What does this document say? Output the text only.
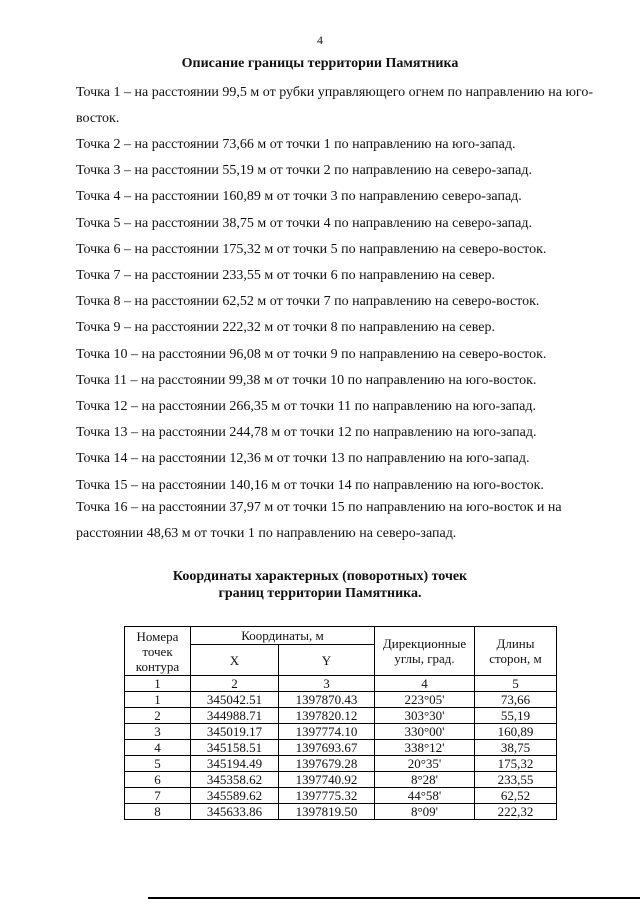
4
Описание границы территории Памятника
Точка 1 – на расстоянии 99,5 м от рубки управляющего огнем по направлению на юго-восток.
Точка 2 – на расстоянии 73,66 м от точки 1 по направлению на юго-запад.
Точка 3 – на расстоянии 55,19 м от точки 2 по направлению на северо-запад.
Точка 4 – на расстоянии 160,89 м от точки 3 по направлению северо-запад.
Точка 5 – на расстоянии 38,75 м от точки 4 по направлению на северо-запад.
Точка 6 – на расстоянии 175,32 м от точки 5 по направлению на северо-восток.
Точка 7 – на расстоянии 233,55 м от точки 6 по направлению на север.
Точка 8 – на расстоянии 62,52 м от точки 7 по направлению на северо-восток.
Точка 9 – на расстоянии 222,32 м от точки 8 по направлению на север.
Точка 10 – на расстоянии 96,08 м от точки 9 по направлению на северо-восток.
Точка 11 – на расстоянии 99,38 м от точки 10 по направлению на юго-восток.
Точка 12 – на расстоянии 266,35 м от точки 11 по направлению на юго-запад.
Точка 13 – на расстоянии 244,78 м от точки 12 по направлению на юго-запад.
Точка 14 – на расстоянии 12,36 м от точки 13 по направлению на юго-запад.
Точка 15 – на расстоянии 140,16 м от точки 14 по направлению на юго-восток.
Точка 16 – на расстоянии 37,97 м от точки 15 по направлению на юго-восток и на расстоянии 48,63 м от точки 1 по направлению на северо-запад.
Координаты характерных (поворотных) точек
границ территории Памятника.
Номера точек контура	Координаты, м		Дирекционные углы, град.	Длины сторон, м
	X	Y		
1	2	3	4	5
1	345042.51	1397870.43	223°05'	73,66
2	344988.71	1397820.12	303°30'	55,19
3	345019.17	1397774.10	330°00'	160,89
4	345158.51	1397693.67	338°12'	38,75
5	345194.49	1397679.28	20°35'	175,32
6	345358.62	1397740.92	8°28'	233,55
7	345589.62	1397775.32	44°58'	62,52
8	345633.86	1397819.50	8°09'	222,32
